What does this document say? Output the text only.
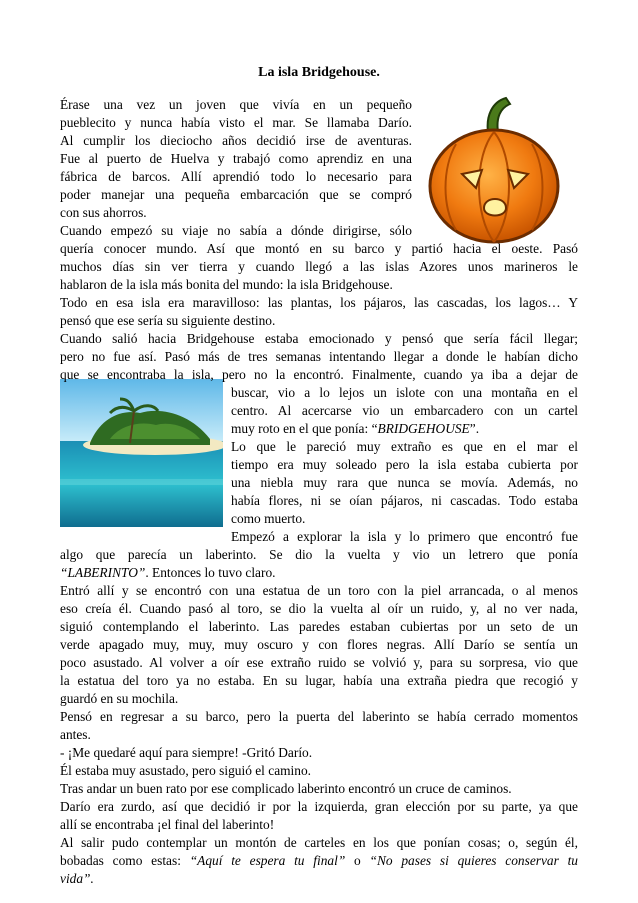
La isla Bridgehouse.
Érase una vez un joven que vivía en un pequeño
pueblecito y nunca había visto el mar. Se llamaba Darío.
Al cumplir los dieciocho años decidió irse de aventuras.
Fue al puerto de Huelva y trabajó como aprendiz en una
fábrica de barcos. Allí aprendió todo lo necesario para
poder manejar una pequeña embarcación que se compró
con sus ahorros.
Cuando empezó su viaje no sabía a dónde dirigirse, sólo
quería conocer mundo. Así que montó en su barco y partió hacia el oeste. Pasó
muchos días sin ver tierra y cuando llegó a las islas Azores unos marineros le
hablaron de la isla más bonita del mundo: la isla Bridgehouse.
Todo en esa isla era maravilloso: las plantas, los pájaros, las cascadas, los lagos… Y
pensó que ese sería su siguiente destino.
Cuando salió hacia Bridgehouse estaba emocionado y pensó que sería fácil llegar;
pero no fue así. Pasó más de tres semanas intentando llegar a donde le habían dicho
que se encontraba la isla, pero no la encontró. Finalmente, cuando ya iba a dejar de
buscar, vio a lo lejos un islote con una montaña en el
centro. Al acercarse vio un embarcadero con un cartel
muy roto en el que ponía: “BRIDGEHOUSE”.
Lo que le pareció muy extraño es que en el mar el
tiempo era muy soleado pero la isla estaba cubierta por
una niebla muy rara que nunca se movía. Además, no
había flores, ni se oían pájaros, ni cascadas. Todo estaba
como muerto.
Empezó a explorar la isla y lo primero que encontró fue
algo que parecía un laberinto. Se dio la vuelta y vio un letrero que ponía
“LABERINTO”. Entonces lo tuvo claro.
Entró allí y se encontró con una estatua de un toro con la piel arrancada, o al menos
eso creía él. Cuando pasó al toro, se dio la vuelta al oír un ruido, y, al no ver nada,
siguió contemplando el laberinto. Las paredes estaban cubiertas por un seto de un
verde apagado muy, muy, muy oscuro y con flores negras. Allí Darío se sentía un
poco asustado. Al volver a oír ese extraño ruido se volvió y, para su sorpresa, vio que
la estatua del toro ya no estaba. En su lugar, había una extraña piedra que recogió y
guardó en su mochila.
Pensó en regresar a su barco, pero la puerta del laberinto se había cerrado momentos
antes.
- ¡Me quedaré aquí para siempre! -Gritó Darío.
Él estaba muy asustado, pero siguió el camino.
Tras andar un buen rato por ese complicado laberinto encontró un cruce de caminos.
Darío era zurdo, así que decidió ir por la izquierda, gran elección por su parte, ya que
allí se encontraba ¡el final del laberinto!
Al salir pudo contemplar un montón de carteles en los que ponían cosas; o, según él,
bobadas como estas: “Aquí te espera tu final” o “No pases si quieres conservar tu
vida”.
